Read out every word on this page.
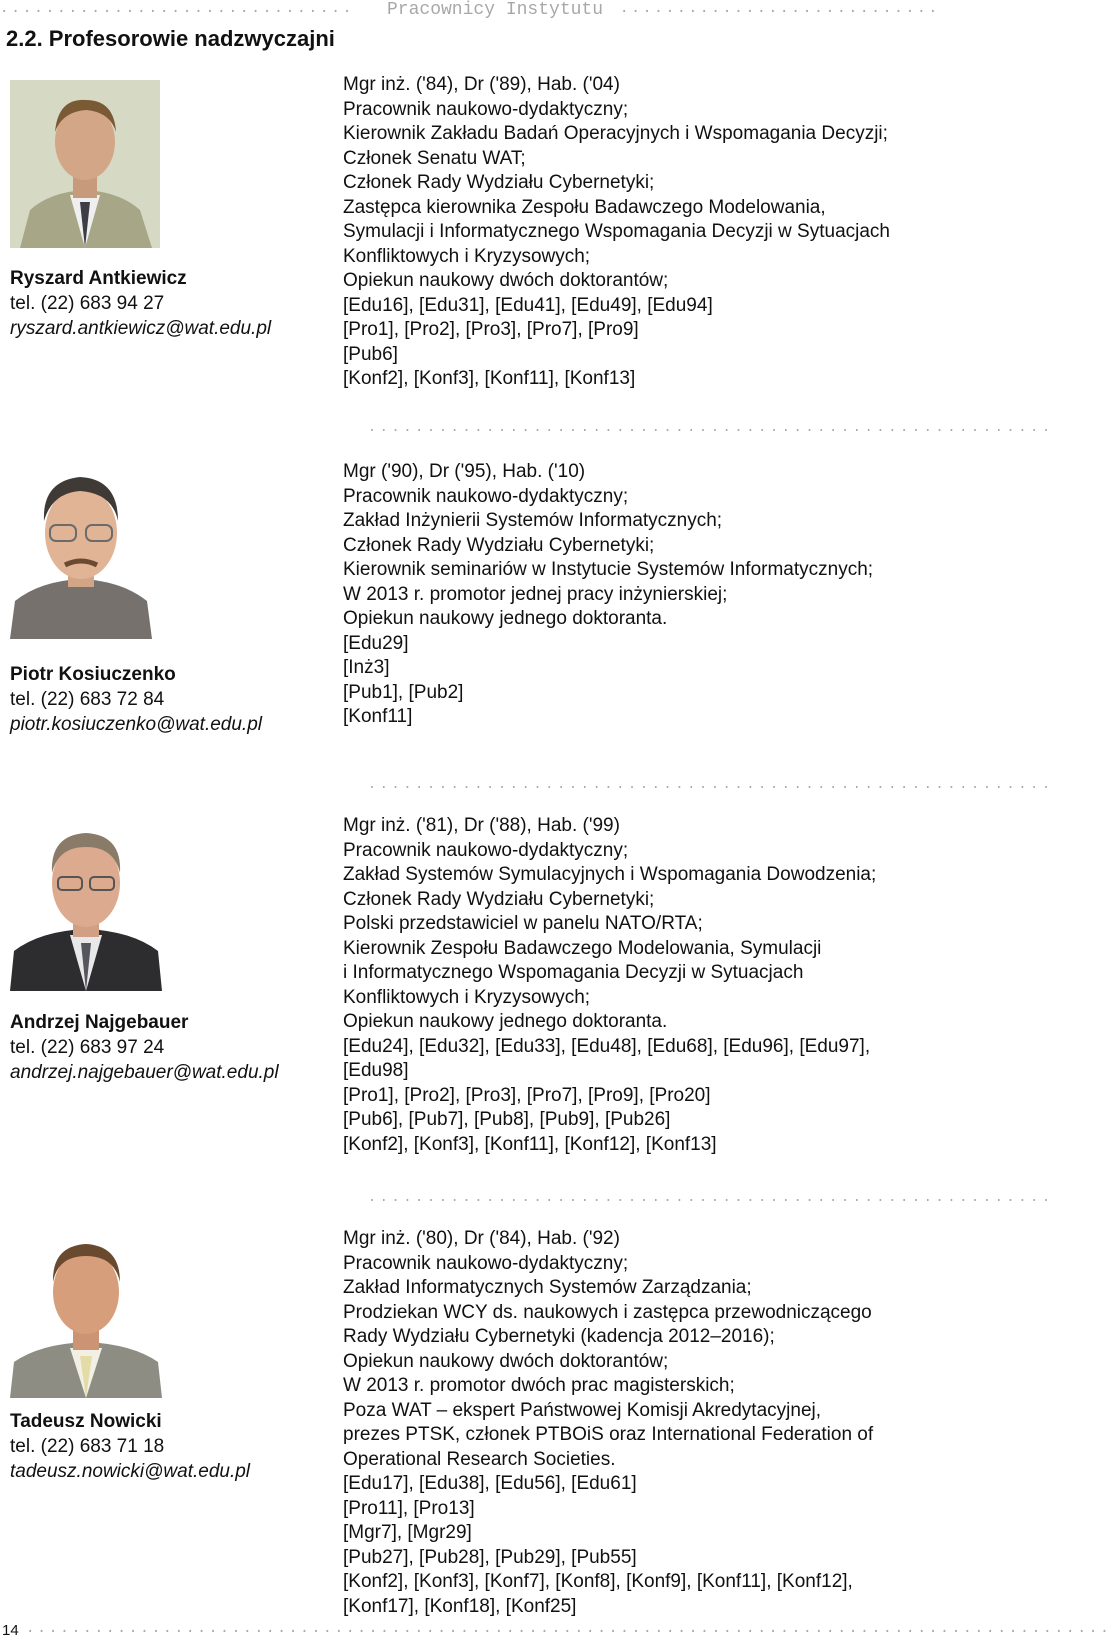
...............................	Pracownicy Instytutu ............................
2.2. Profesorowie nadzwyczajni
Ryszard Antkiewicz
tel. (22) 683 94 27
ryszard.antkiewicz@wat.edu.pl
Mgr inż. ('84), Dr ('89), Hab. ('04)
Pracownik naukowo-dydaktyczny;
Kierownik Zakładu Badań Operacyjnych i Wspomagania Decyzji;
Członek Senatu WAT;
Członek Rady Wydziału Cybernetyki;
Zastępca kierownika Zespołu Badawczego Modelowania,
Symulacji i Informatycznego Wspomagania Decyzji w Sytuacjach
Konfliktowych i Kryzysowych;
Opiekun naukowy dwóch doktorantów;
[Edu16], [Edu31], [Edu41], [Edu49], [Edu94]
[Pro1], [Pro2], [Pro3], [Pro7], [Pro9]
[Pub6]
[Konf2], [Konf3], [Konf11], [Konf13]
..........................................................
Piotr Kosiuczenko
tel. (22) 683 72 84
piotr.kosiuczenko@wat.edu.pl
Mgr ('90), Dr ('95), Hab. ('10)
Pracownik naukowo-dydaktyczny;
Zakład Inżynierii Systemów Informatycznych;
Członek Rady Wydziału Cybernetyki;
Kierownik seminariów w Instytucie Systemów Informatycznych;
W 2013 r. promotor jednej pracy inżynierskiej;
Opiekun naukowy jednego doktoranta.
[Edu29]
[Inż3]
[Pub1], [Pub2]
[Konf11]
..........................................................
Andrzej Najgebauer
tel. (22) 683 97 24
andrzej.najgebauer@wat.edu.pl
Mgr inż. ('81), Dr ('88), Hab. ('99)
Pracownik naukowo-dydaktyczny;
Zakład Systemów Symulacyjnych i Wspomagania Dowodzenia;
Członek Rady Wydziału Cybernetyki;
Polski przedstawiciel w panelu NATO/RTA;
Kierownik Zespołu Badawczego Modelowania, Symulacji
i Informatycznego Wspomagania Decyzji w Sytuacjach
Konfliktowych i Kryzysowych;
Opiekun naukowy jednego doktoranta.
[Edu24], [Edu32], [Edu33], [Edu48], [Edu68], [Edu96], [Edu97],
[Edu98]
[Pro1], [Pro2], [Pro3], [Pro7], [Pro9], [Pro20]
[Pub6], [Pub7], [Pub8], [Pub9], [Pub26]
[Konf2], [Konf3], [Konf11], [Konf12], [Konf13]
..........................................................
Tadeusz Nowicki
tel. (22) 683 71 18
tadeusz.nowicki@wat.edu.pl
Mgr inż. ('80), Dr ('84), Hab. ('92)
Pracownik naukowo-dydaktyczny;
Zakład Informatycznych Systemów Zarządzania;
Prodziekan WCY ds. naukowych i zastępca przewodniczącego
Rady Wydziału Cybernetyki (kadencja 2012–2016);
Opiekun naukowy dwóch doktorantów;
W 2013 r. promotor dwóch prac magisterskich;
Poza WAT – ekspert Państwowej Komisji Akredytacyjnej,
prezes PTSK, członek PTBOiS oraz International Federation of
Operational Research Societies.
[Edu17], [Edu38], [Edu56], [Edu61]
[Pro11], [Pro13]
[Mgr7], [Mgr29]
[Pub27], [Pub28], [Pub29], [Pub55]
[Konf2], [Konf3], [Konf7], [Konf8], [Konf9], [Konf11], [Konf12],
[Konf17], [Konf18], [Konf25]
14 ...............................................................................................
